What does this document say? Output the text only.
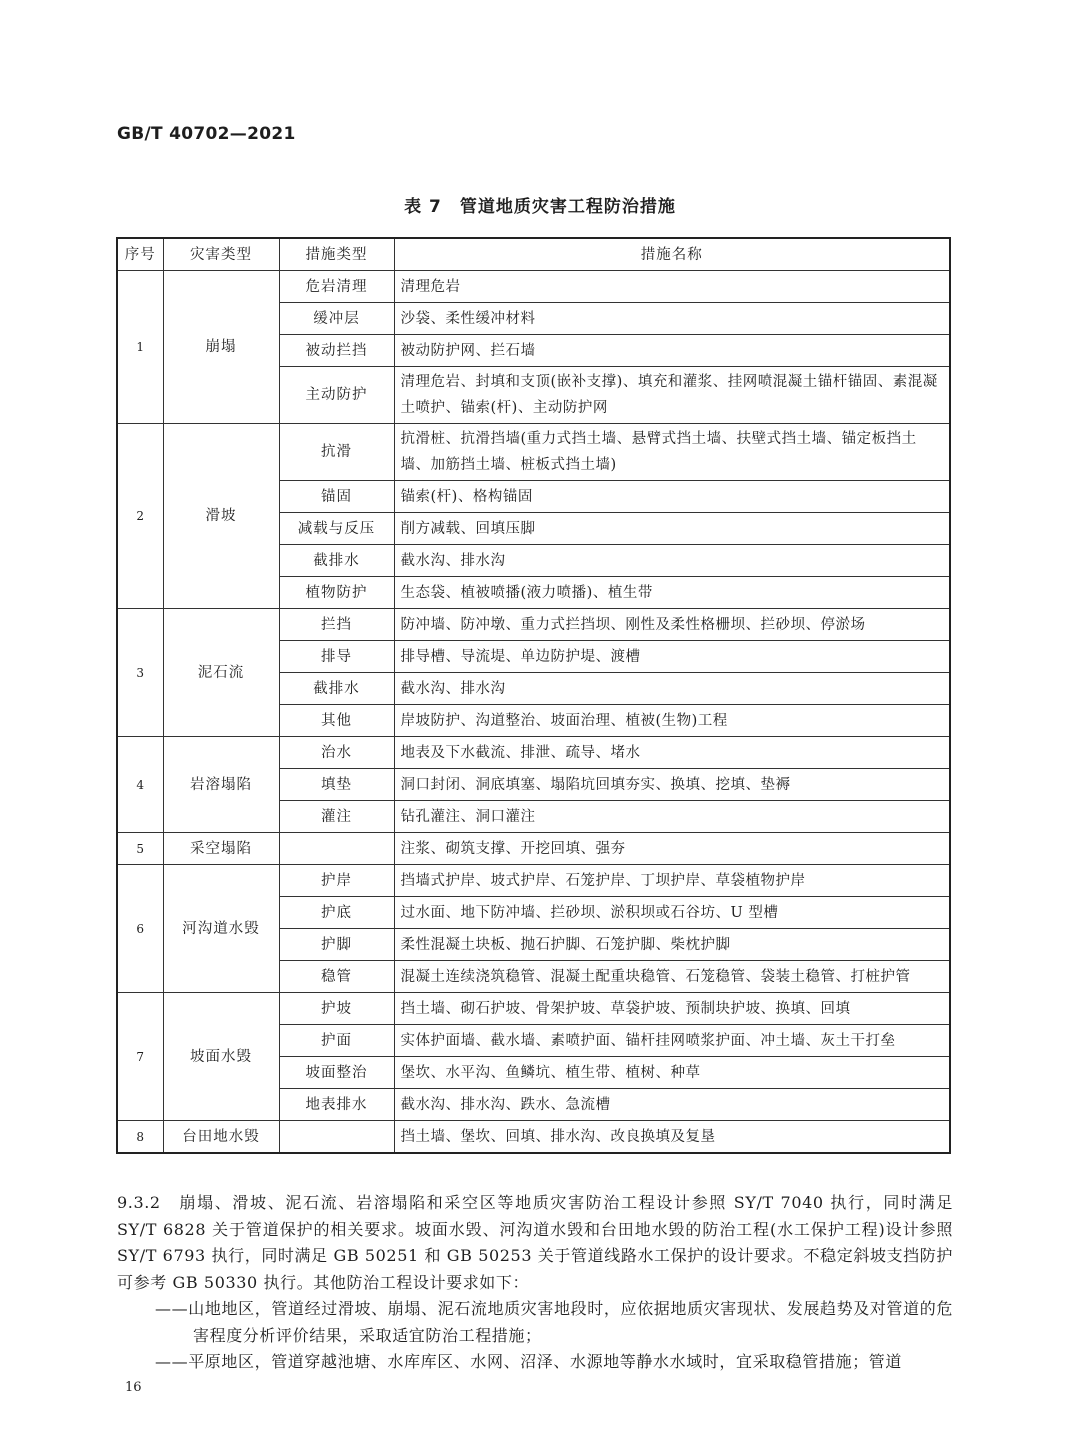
GB/T 40702—2021
表 7　管道地质灾害工程防治措施
序号	灾害类型	措施类型	措施名称
1	崩塌	危岩清理	清理危岩
		缓冲层	沙袋、柔性缓冲材料
		被动拦挡	被动防护网、拦石墙
		主动防护	清理危岩、封填和支顶(嵌补支撑)、填充和灌浆、挂网喷混凝土锚杆锚固、素混凝土喷护、锚索(杆)、主动防护网
2	滑坡	抗滑	抗滑桩、抗滑挡墙(重力式挡土墙、悬臂式挡土墙、扶壁式挡土墙、锚定板挡土墙、加筋挡土墙、桩板式挡土墙)
		锚固	锚索(杆)、格构锚固
		减载与反压	削方减载、回填压脚
		截排水	截水沟、排水沟
		植物防护	生态袋、植被喷播(液力喷播)、植生带
3	泥石流	拦挡	防冲墙、防冲墩、重力式拦挡坝、刚性及柔性格栅坝、拦砂坝、停淤场
		排导	排导槽、导流堤、单边防护堤、渡槽
		截排水	截水沟、排水沟
		其他	岸坡防护、沟道整治、坡面治理、植被(生物)工程
4	岩溶塌陷	治水	地表及下水截流、排泄、疏导、堵水
		填垫	洞口封闭、洞底填塞、塌陷坑回填夯实、换填、挖填、垫褥
		灌注	钻孔灌注、洞口灌注
5	采空塌陷		注浆、砌筑支撑、开挖回填、强夯
6	河沟道水毁	护岸	挡墙式护岸、坡式护岸、石笼护岸、丁坝护岸、草袋植物护岸
		护底	过水面、地下防冲墙、拦砂坝、淤积坝或石谷坊、U 型槽
		护脚	柔性混凝土块板、抛石护脚、石笼护脚、柴枕护脚
		稳管	混凝土连续浇筑稳管、混凝土配重块稳管、石笼稳管、袋装土稳管、打桩护管
7	坡面水毁	护坡	挡土墙、砌石护坡、骨架护坡、草袋护坡、预制块护坡、换填、回填
		护面	实体护面墙、截水墙、素喷护面、锚杆挂网喷浆护面、冲土墙、灰土干打垒
		坡面整治	堡坎、水平沟、鱼鳞坑、植生带、植树、种草
		地表排水	截水沟、排水沟、跌水、急流槽
8	台田地水毁		挡土墙、堡坎、回填、排水沟、改良换填及复垦

9.3.2　崩塌、滑坡、泥石流、岩溶塌陷和采空区等地质灾害防治工程设计参照 SY/T 7040 执行，同时满足 SY/T 6828 关于管道保护的相关要求。坡面水毁、河沟道水毁和台田地水毁的防治工程(水工保护工程)设计参照 SY/T 6793 执行，同时满足 GB 50251 和 GB 50253 关于管道线路水工保护的设计要求。不稳定斜坡支挡防护可参考 GB 50330 执行。其他防治工程设计要求如下：

——山地地区，管道经过滑坡、崩塌、泥石流地质灾害地段时，应依据地质灾害现状、发展趋势及对管道的危害程度分析评价结果，采取适宜防治工程措施；

——平原地区，管道穿越池塘、水库库区、水网、沼泽、水源地等静水水域时，宜采取稳管措施；管道

16
